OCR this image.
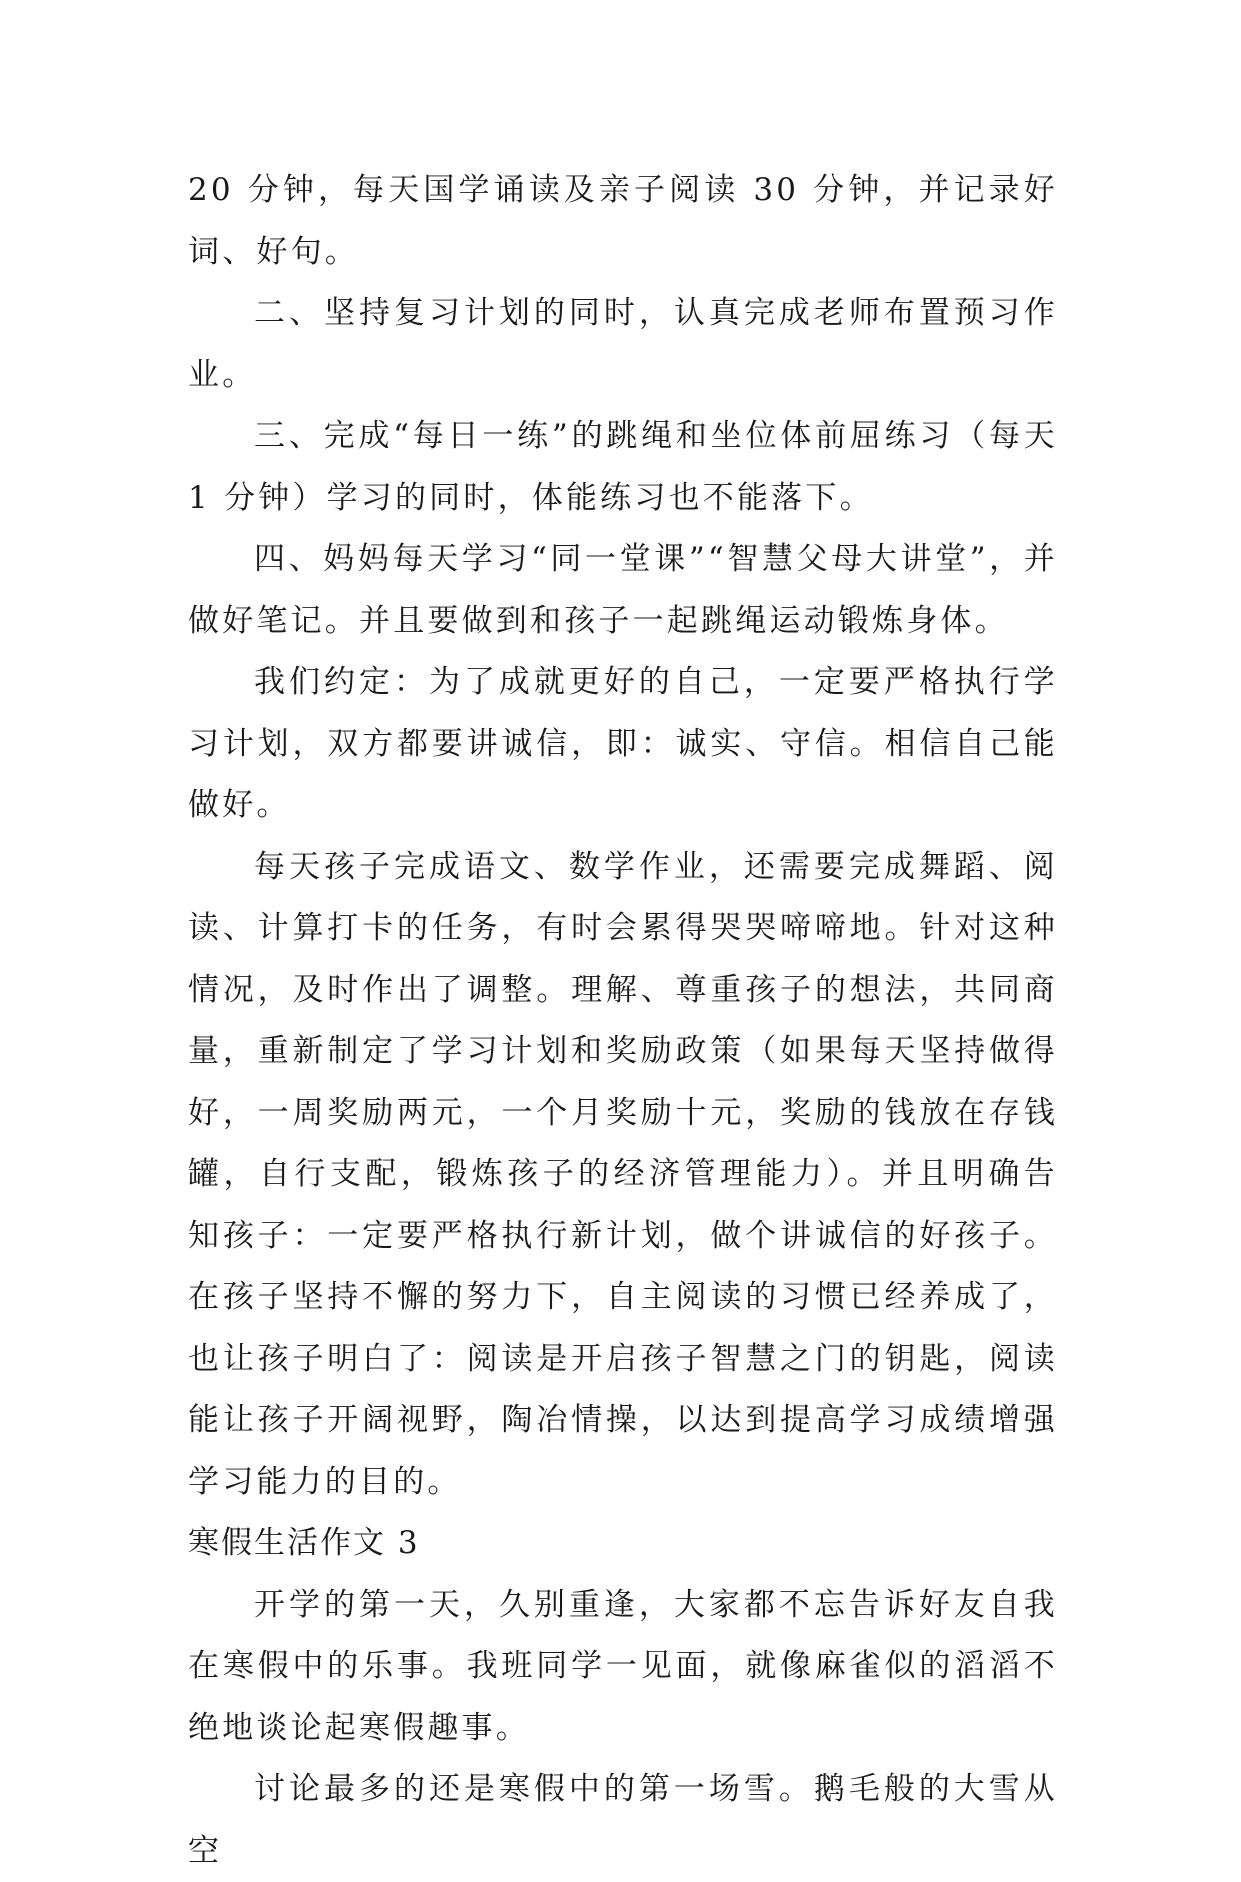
20 分钟，每天国学诵读及亲子阅读 30 分钟，并记录好词、好句。

二、坚持复习计划的同时，认真完成老师布置预习作业。

三、完成“每日一练”的跳绳和坐位体前屈练习（每天 1 分钟）学习的同时，体能练习也不能落下。

四、妈妈每天学习“同一堂课”“智慧父母大讲堂”，并做好笔记。并且要做到和孩子一起跳绳运动锻炼身体。

我们约定：为了成就更好的自己，一定要严格执行学习计划，双方都要讲诚信，即：诚实、守信。相信自己能做好。

每天孩子完成语文、数学作业，还需要完成舞蹈、阅读、计算打卡的任务，有时会累得哭哭啼啼地。针对这种情况，及时作出了调整。理解、尊重孩子的想法，共同商量，重新制定了学习计划和奖励政策（如果每天坚持做得好，一周奖励两元，一个月奖励十元，奖励的钱放在存钱罐，自行支配，锻炼孩子的经济管理能力）。并且明确告知孩子：一定要严格执行新计划，做个讲诚信的好孩子。在孩子坚持不懈的努力下，自主阅读的习惯已经养成了，也让孩子明白了：阅读是开启孩子智慧之门的钥匙，阅读能让孩子开阔视野，陶冶情操，以达到提高学习成绩增强学习能力的目的。

寒假生活作文 3

开学的第一天，久别重逢，大家都不忘告诉好友自我在寒假中的乐事。我班同学一见面，就像麻雀似的滔滔不绝地谈论起寒假趣事。

讨论最多的还是寒假中的第一场雪。鹅毛般的大雪从空
